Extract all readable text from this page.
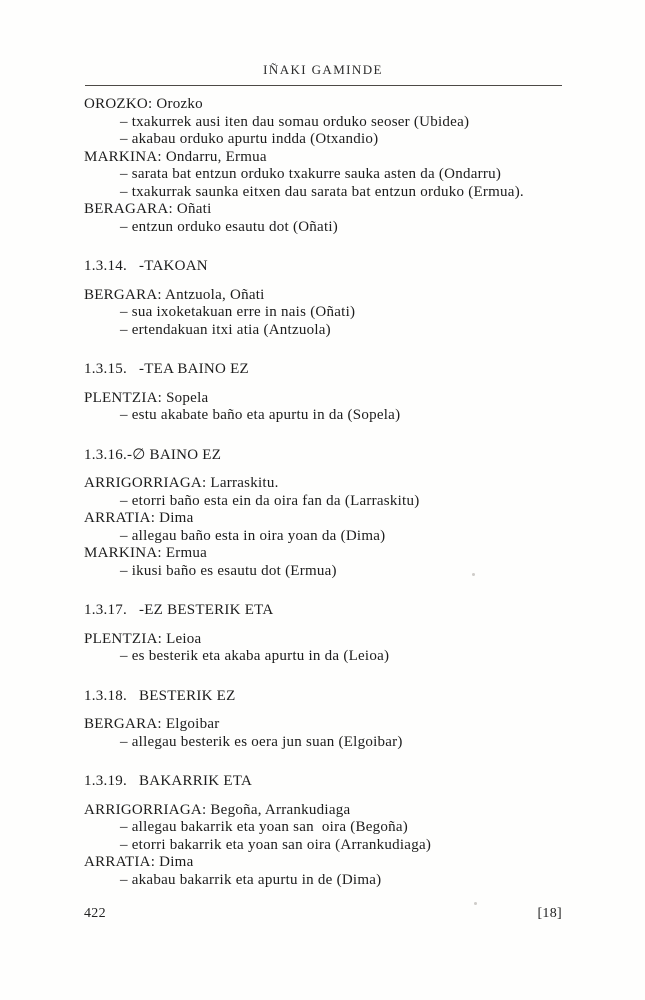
IÑAKI GAMINDE

OROZKO: Orozko

– txakurrek ausi iten dau somau orduko seoser (Ubidea)

– akabau orduko apurtu indda (Otxandio)

MARKINA: Ondarru, Ermua

– sarata bat entzun orduko txakurre sauka asten da (Ondarru)

– txakurrak saunka eitxen dau sarata bat entzun orduko (Ermua).

BERAGARA: Oñati

– entzun orduko esautu dot (Oñati)

1.3.14.   -TAKOAN

BERGARA: Antzuola, Oñati

– sua ixoketakuan erre in nais (Oñati)

– ertendakuan itxi atia (Antzuola)

1.3.15.   -TEA BAINO EZ

PLENTZIA: Sopela

– estu akabate baño eta apurtu in da (Sopela)

1.3.16.-∅ BAINO EZ

ARRIGORRIAGA: Larraskitu.

– etorri baño esta ein da oira fan da (Larraskitu)

ARRATIA: Dima

– allegau baño esta in oira yoan da (Dima)

MARKINA: Ermua

– ikusi baño es esautu dot (Ermua)

1.3.17.   -EZ BESTERIK ETA

PLENTZIA: Leioa

– es besterik eta akaba apurtu in da (Leioa)

1.3.18.   BESTERIK EZ

BERGARA: Elgoibar

– allegau besterik es oera jun suan (Elgoibar)

1.3.19.   BAKARRIK ETA

ARRIGORRIAGA: Begoña, Arrankudiaga

– allegau bakarrik eta yoan san  oira (Begoña)

– etorri bakarrik eta yoan san oira (Arrankudiaga)

ARRATIA: Dima

– akabau bakarrik eta apurtu in de (Dima)

422	[18]
